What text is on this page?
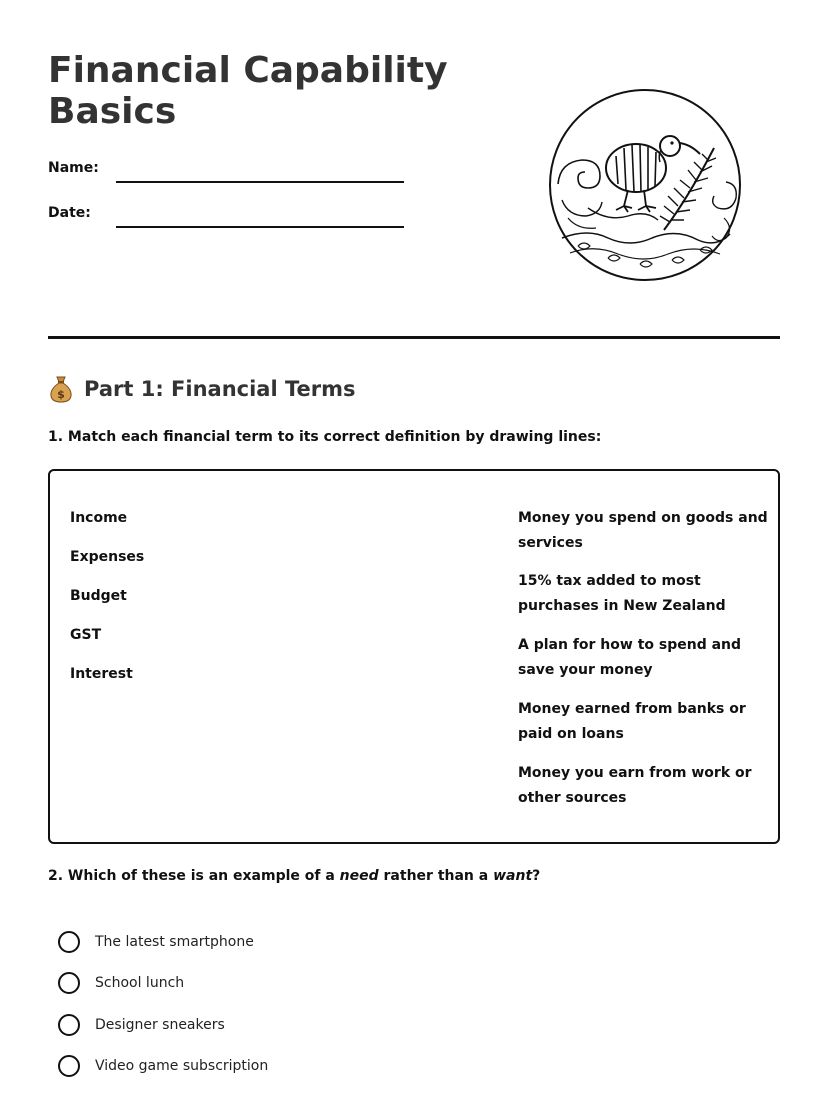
Financial Capability Basics
Name:
Date:
$ Part 1: Financial Terms
1. Match each financial term to its correct definition by drawing lines:
Income
Expenses
Budget
GST
Interest
Money you spend on goods and services
15% tax added to most purchases in New Zealand
A plan for how to spend and save your money
Money earned from banks or paid on loans
Money you earn from work or other sources
2. Which of these is an example of a need rather than a want?
The latest smartphone
School lunch
Designer sneakers
Video game subscription
